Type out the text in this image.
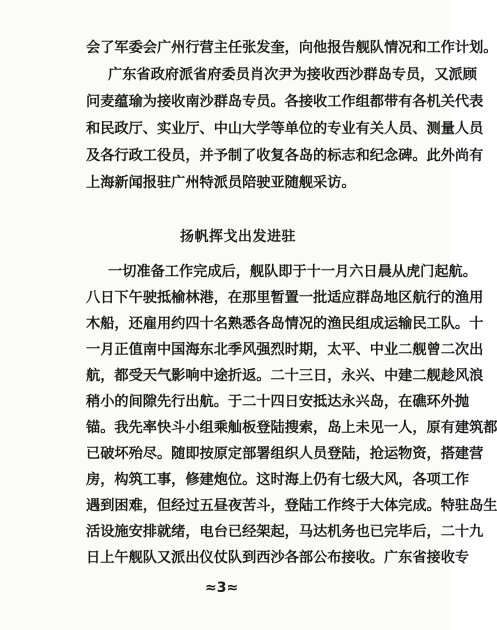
会了军委会广州行营主任张发奎，向他报告舰队情况和工作计划。
广东省政府派省府委员肖次尹为接收西沙群岛专员，又派顾
问麦蕴瑜为接收南沙群岛专员。各接收工作组都带有各机关代表
和民政厅、实业厅、中山大学等单位的专业有关人员、测量人员
及各行政工役员，并予制了收复各岛的标志和纪念碑。此外尚有
上海新闻报驻广州特派员陪驶亚随舰采访。
扬帆挥戈出发进驻
一切准备工作完成后，舰队即于十一月六日晨从虎门起航。
八日下午驶抵榆林港，在那里暂置一批适应群岛地区航行的渔用
木船，还雇用约四十名熟悉各岛情况的渔民组成运输民工队。十
一月正值南中国海东北季风强烈时期，太平、中业二舰曾二次出
航，都受天气影响中途折返。二十三日，永兴、中建二舰趁风浪
稍小的间隙先行出航。于二十四日安抵达永兴岛，在礁环外抛
锚。我先率快斗小组乘舢板登陆搜索，岛上未见一人，原有建筑都
已破坏殆尽。随即按原定部署组织人员登陆，抢运物资，搭建营
房，构筑工事，修建炮位。这时海上仍有七级大风，各项工作
遇到困难，但经过五昼夜苦斗，登陆工作终于大体完成。特驻岛生
活设施安排就绪，电台已经架起，马达机务也已完毕后，二十九
日上午舰队又派出仪仗队到西沙各部公布接收。广东省接收专
≈3≈
